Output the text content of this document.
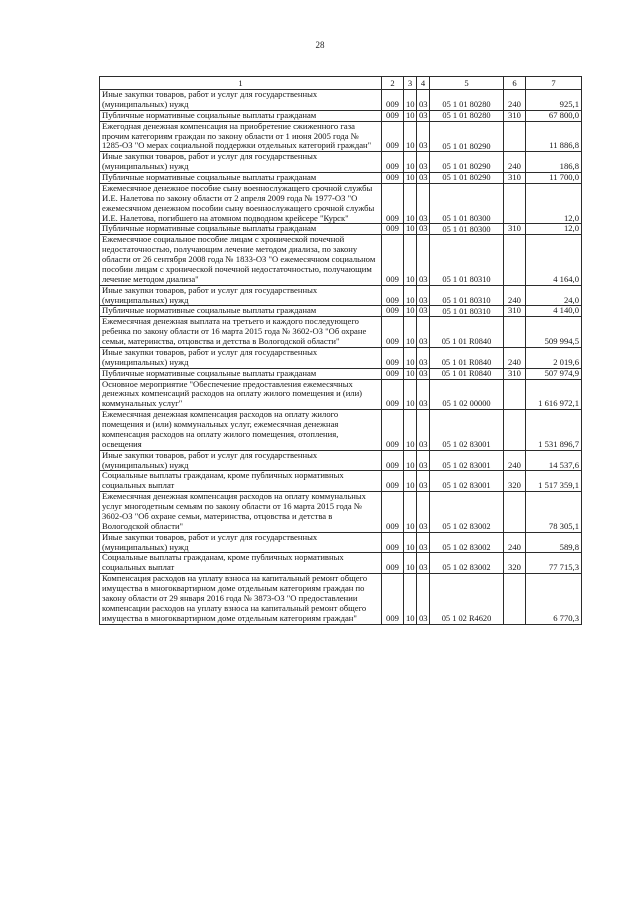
28
1	2	3	4	5	6	7
Иные закупки товаров, работ и услуг для государственных (муниципальных) нужд	009	10	03	05 1 01 80280	240	925,1
Публичные нормативные социальные выплаты гражданам	009	10	03	05 1 01 80280	310	67 800,0
Ежегодная денежная компенсация на приобретение сжиженного газа прочим категориям граждан по закону области от 1 июня 2005 года № 1285-ОЗ "О мерах социальной поддержки отдельных категорий граждан"	009	10	03	05 1 01 80290		11 886,8
Иные закупки товаров, работ и услуг для государственных (муниципальных) нужд	009	10	03	05 1 01 80290	240	186,8
Публичные нормативные социальные выплаты гражданам	009	10	03	05 1 01 80290	310	11 700,0
Ежемесячное денежное пособие сыну военнослужащего срочной службы И.Е. Налетова по закону области от 2 апреля 2009 года № 1977-ОЗ "О ежемесячном денежном пособии сыну военнослужащего срочной службы И.Е. Налетова, погибшего на атомном подводном крейсере "Курск"	009	10	03	05 1 01 80300		12,0
Публичные нормативные социальные выплаты гражданам	009	10	03	05 1 01 80300	310	12,0
Ежемесячное социальное пособие лицам с хронической почечной недостаточностью, получающим лечение методом диализа, по закону области от 26 сентября 2008 года № 1833-ОЗ "О ежемесячном социальном пособии лицам с хронической почечной недостаточностью, получающим лечение методом диализа"	009	10	03	05 1 01 80310		4 164,0
Иные закупки товаров, работ и услуг для государственных (муниципальных) нужд	009	10	03	05 1 01 80310	240	24,0
Публичные нормативные социальные выплаты гражданам	009	10	03	05 1 01 80310	310	4 140,0
Ежемесячная денежная выплата на третьего и каждого последующего ребенка по закону области от 16 марта 2015 года № 3602-ОЗ "Об охране семьи, материнства, отцовства и детства в Вологодской области"	009	10	03	05 1 01 R0840		509 994,5
Иные закупки товаров, работ и услуг для государственных (муниципальных) нужд	009	10	03	05 1 01 R0840	240	2 019,6
Публичные нормативные социальные выплаты гражданам	009	10	03	05 1 01 R0840	310	507 974,9
Основное мероприятие "Обеспечение предоставления ежемесячных денежных компенсаций расходов на оплату жилого помещения и (или) коммунальных услуг"	009	10	03	05 1 02 00000		1 616 972,1
Ежемесячная денежная компенсация расходов на оплату жилого помещения и (или) коммунальных услуг, ежемесячная денежная компенсация расходов на оплату жилого помещения, отопления, освещения	009	10	03	05 1 02 83001		1 531 896,7
Иные закупки товаров, работ и услуг для государственных (муниципальных) нужд	009	10	03	05 1 02 83001	240	14 537,6
Социальные выплаты гражданам, кроме публичных нормативных социальных выплат	009	10	03	05 1 02 83001	320	1 517 359,1
Ежемесячная денежная компенсация расходов на оплату коммунальных услуг многодетным семьям по закону области от 16 марта 2015 года № 3602-ОЗ "Об охране семьи, материнства, отцовства и детства в Вологодской области"	009	10	03	05 1 02 83002		78 305,1
Иные закупки товаров, работ и услуг для государственных (муниципальных) нужд	009	10	03	05 1 02 83002	240	589,8
Социальные выплаты гражданам, кроме публичных нормативных социальных выплат	009	10	03	05 1 02 83002	320	77 715,3
Компенсация расходов на уплату взноса на капитальный ремонт общего имущества в многоквартирном доме отдельным категориям граждан по закону области от 29 января 2016 года № 3873-ОЗ "О предоставлении компенсации расходов на уплату взноса на капитальный ремонт общего имущества в многоквартирном доме отдельным категориям граждан"	009	10	03	05 1 02 R4620		6 770,3
